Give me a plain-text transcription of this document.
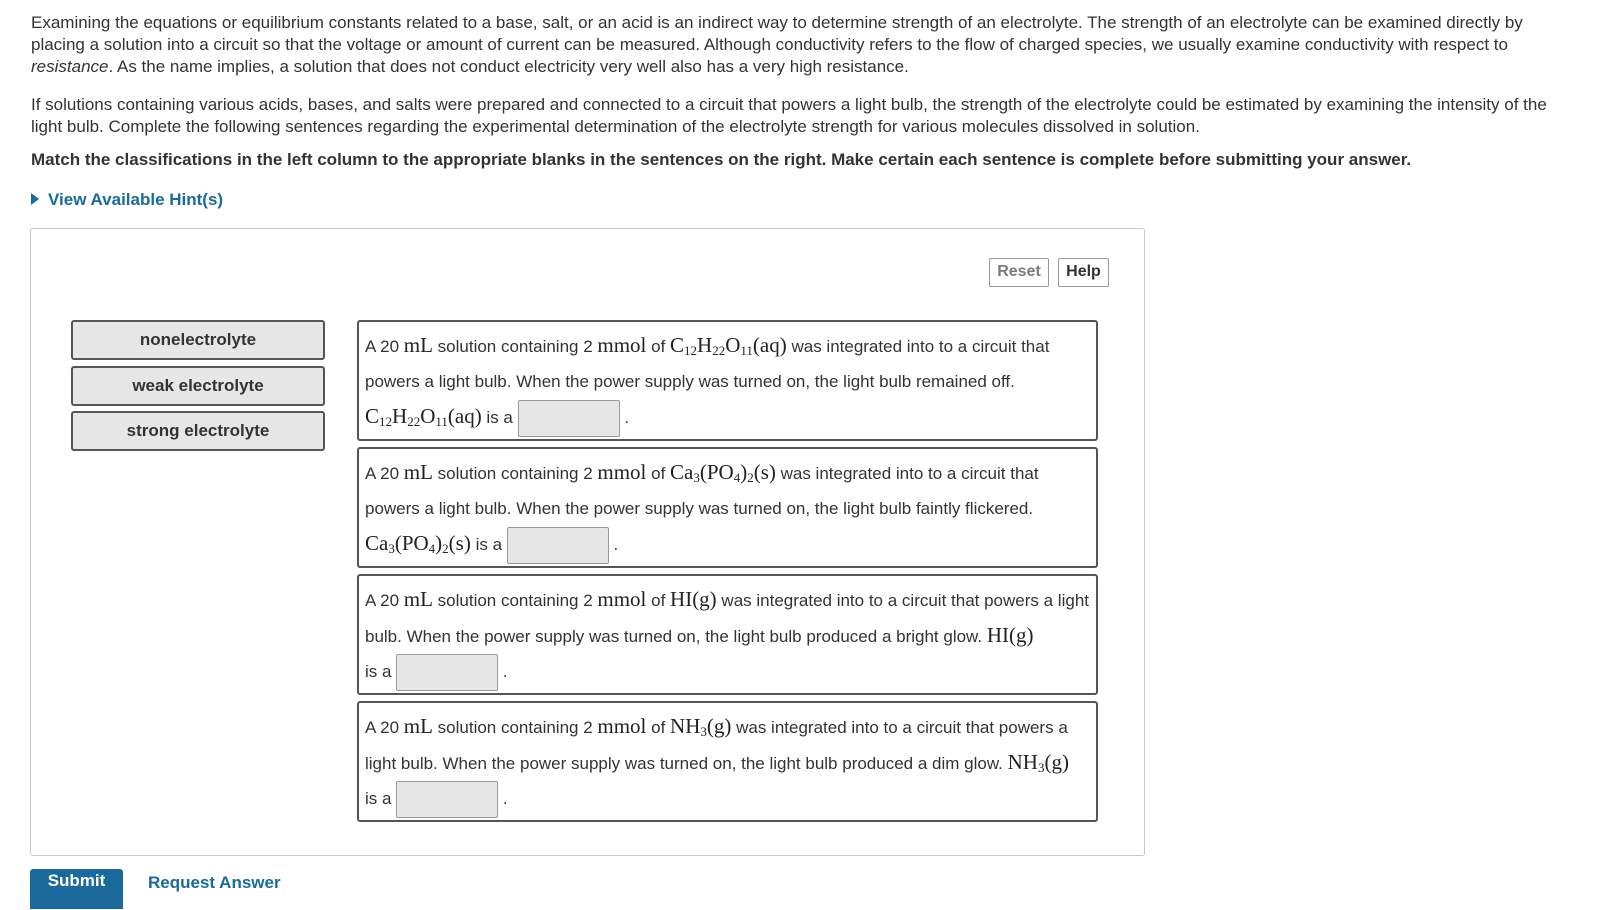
Examining the equations or equilibrium constants related to a base, salt, or an acid is an indirect way to determine strength of an electrolyte. The strength of an electrolyte can be examined directly by placing a solution into a circuit so that the voltage or amount of current can be measured. Although conductivity refers to the flow of charged species, we usually examine conductivity with respect to resistance. As the name implies, a solution that does not conduct electricity very well also has a very high resistance.

If solutions containing various acids, bases, and salts were prepared and connected to a circuit that powers a light bulb, the strength of the electrolyte could be estimated by examining the intensity of the light bulb. Complete the following sentences regarding the experimental determination of the electrolyte strength for various molecules dissolved in solution.

Match the classifications in the left column to the appropriate blanks in the sentences on the right. Make certain each sentence is complete before submitting your answer.

View Available Hint(s)
Reset	Help
nonelectrolyte
weak electrolyte
strong electrolyte

A 20 mL solution containing 2 mmol of $C_{12}H_{22}O_{11}(aq)$ was integrated into to a circuit that powers a light bulb. When the power supply was turned on, the light bulb remained off.
$C_{12}H_{22}O_{11}(aq)$ is a	.

A 20 mL solution containing 2 mmol of $Ca_3(PO_4)_2(s)$ was integrated into to a circuit that powers a light bulb. When the power supply was turned on, the light bulb faintly flickered.
$Ca_3(PO_4)_2(s)$ is a	.

A 20 mL solution containing 2 mmol of HI(g) was integrated into to a circuit that powers a light bulb. When the power supply was turned on, the light bulb produced a bright glow. HI(g)
is a	.

A 20 mL solution containing 2 mmol of $NH_3(g)$ was integrated into to a circuit that powers a light bulb. When the power supply was turned on, the light bulb produced a dim glow. $NH_3(g)$
is a	.

Submit	Request Answer
